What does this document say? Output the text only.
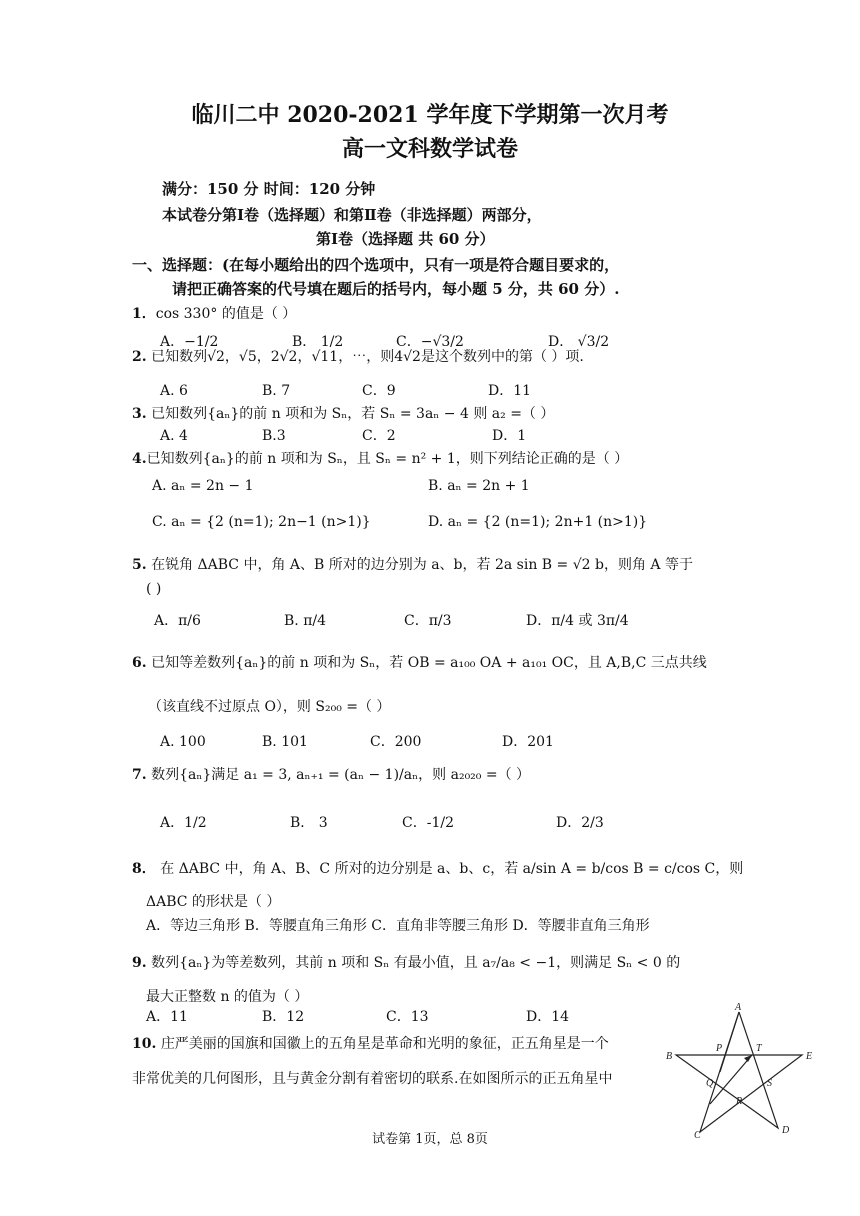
临川二中 2020-2021 学年度下学期第一次月考
高一文科数学试卷
满分：150 分 时间：120 分钟
本试卷分第Ⅰ卷（选择题）和第Ⅱ卷（非选择题）两部分，
第Ⅰ卷（选择题 共 60 分）
一、选择题：(在每小题给出的四个选项中，只有一项是符合题目要求的，
请把正确答案的代号填在题后的括号内，每小题 5 分，共 60 分）.
1．cos 330° 的值是（ ）
A．−1/2	B． 1/2	C．−√3/2	D． √3/2
2. 已知数列√2，√5，2√2，√11，⋯，则4√2是这个数列中的第（ ）项.
A. 6	B. 7	C．9	D．11
3. 已知数列{aₙ}的前 n 项和为 Sₙ，若 Sₙ = 3aₙ − 4 则 a₂ =（ ）
A. 4	B.3	C．2	D．1
4.已知数列{aₙ}的前 n 项和为 Sₙ，且 Sₙ = n² + 1，则下列结论正确的是（ ）
A. aₙ = 2n − 1	B. aₙ = 2n + 1
C. aₙ = {2 (n=1); 2n−1 (n>1)}	D. aₙ = {2 (n=1); 2n+1 (n>1)}
5. 在锐角 ΔABC 中，角 A、B 所对的边分别为 a、b，若 2a sin B = √2 b，则角 A 等于
( )
A．π/6	B. π/4	C．π/3	D．π/4 或 3π/4
6. 已知等差数列{aₙ}的前 n 项和为 Sₙ，若 OB = a₁₀₀ OA + a₁₀₁ OC，且 A,B,C 三点共线
（该直线不过原点 O），则 S₂₀₀ =（ ）
A. 100	B. 101	C．200	D．201
7. 数列{aₙ}满足 a₁ = 3, aₙ₊₁ = (aₙ − 1)/aₙ，则 a₂₀₂₀ =（ ）
A．1/2	B． 3	C．-1/2	D．2/3
8． 在 ΔABC 中，角 A、B、C 所对的边分别是 a、b、c，若 a/sin A = b/cos B = c/cos C，则
ΔABC 的形状是（ ）
A．等边三角形 B．等腰直角三角形 C．直角非等腰三角形 D．等腰非直角三角形
9. 数列{aₙ}为等差数列，其前 n 项和 Sₙ 有最小值，且 a₇/a₈ < −1，则满足 Sₙ < 0 的
最大正整数 n 的值为（ ）
A．11	B．12	C．13	D．14
10. 庄严美丽的国旗和国徽上的五角星是革命和光明的象征，正五角星是一个
非常优美的几何图形，且与黄金分割有着密切的联系.在如图所示的正五角星中
A
B	E
C	D
P	T
Q	S
R
试卷第 1页，总 8页
